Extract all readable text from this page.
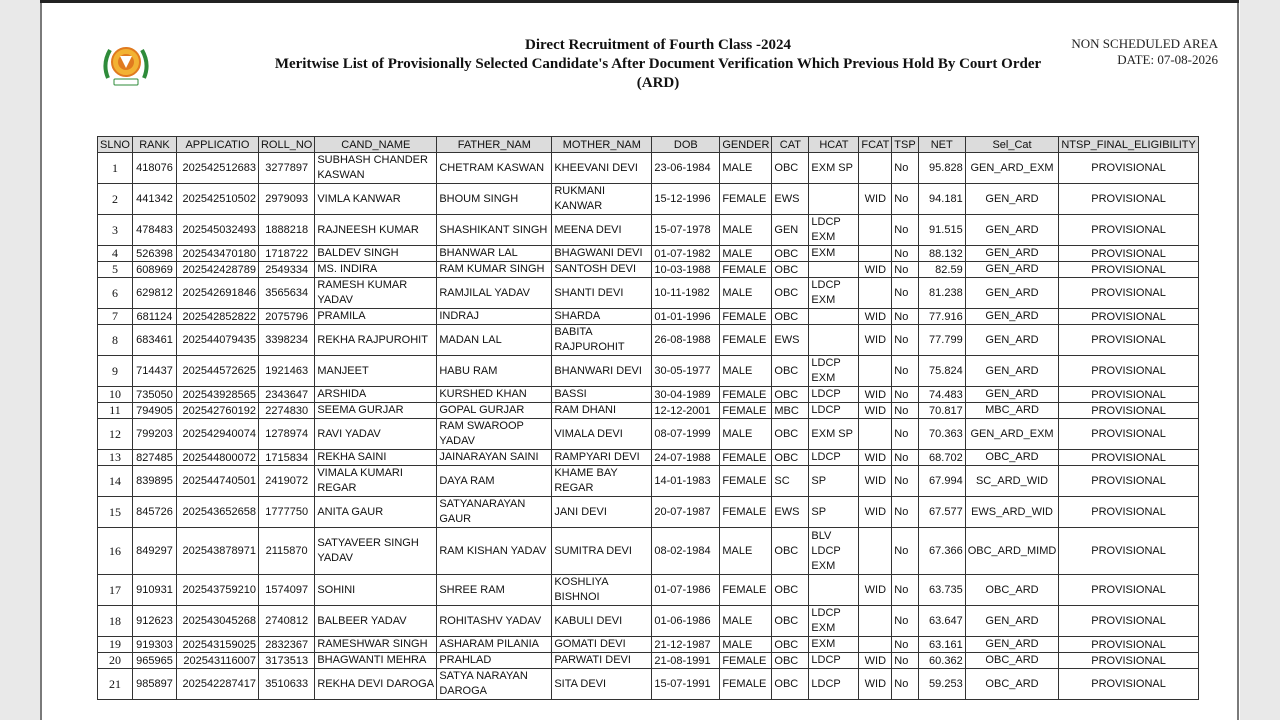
Direct Recruitment of Fourth Class -2024
Meritwise List of Provisionally Selected Candidate's After Document Verification Which Previous Hold By Court Order
(ARD)
NON SCHEDULED AREA
DATE: 07-08-2026
SLNO	RANK	APPLICATIO	ROLL_NO	CAND_NAME	FATHER_NAM	MOTHER_NAM	DOB	GENDER	CAT	HCAT	FCAT	TSP	NET	Sel_Cat	NTSP_FINAL_ELIGIBILITY
1	418076	202542512683	3277897	SUBHASH CHANDER KASWAN	CHETRAM KASWAN	KHEEVANI DEVI	23-06-1984	MALE	OBC	EXM SP		No	95.828	GEN_ARD_EXM	PROVISIONAL
2	441342	202542510502	2979093	VIMLA KANWAR	BHOUM SINGH	RUKMANI KANWAR	15-12-1996	FEMALE	EWS		WID	No	94.181	GEN_ARD	PROVISIONAL
3	478483	202545032493	1888218	RAJNEESH KUMAR	SHASHIKANT SINGH	MEENA DEVI	15-07-1978	MALE	GEN	LDCP EXM		No	91.515	GEN_ARD	PROVISIONAL
4	526398	202543470180	1718722	BALDEV SINGH	BHANWAR LAL	BHAGWANI DEVI	01-07-1982	MALE	OBC	EXM		No	88.132	GEN_ARD	PROVISIONAL
5	608969	202542428789	2549334	MS. INDIRA	RAM KUMAR SINGH	SANTOSH DEVI	10-03-1988	FEMALE	OBC		WID	No	82.59	GEN_ARD	PROVISIONAL
6	629812	202542691846	3565634	RAMESH KUMAR YADAV	RAMJILAL YADAV	SHANTI DEVI	10-11-1982	MALE	OBC	LDCP EXM		No	81.238	GEN_ARD	PROVISIONAL
7	681124	202542852822	2075796	PRAMILA	INDRAJ	SHARDA	01-01-1996	FEMALE	OBC		WID	No	77.916	GEN_ARD	PROVISIONAL
8	683461	202544079435	3398234	REKHA RAJPUROHIT	MADAN LAL	BABITA RAJPUROHIT	26-08-1988	FEMALE	EWS		WID	No	77.799	GEN_ARD	PROVISIONAL
9	714437	202544572625	1921463	MANJEET	HABU RAM	BHANWARI DEVI	30-05-1977	MALE	OBC	LDCP EXM		No	75.824	GEN_ARD	PROVISIONAL
10	735050	202543928565	2343647	ARSHIDA	KURSHED KHAN	BASSI	30-04-1989	FEMALE	OBC	LDCP	WID	No	74.483	GEN_ARD	PROVISIONAL
11	794905	202542760192	2274830	SEEMA GURJAR	GOPAL GURJAR	RAM DHANI	12-12-2001	FEMALE	MBC	LDCP	WID	No	70.817	MBC_ARD	PROVISIONAL
12	799203	202542940074	1278974	RAVI YADAV	RAM SWAROOP YADAV	VIMALA DEVI	08-07-1999	MALE	OBC	EXM SP		No	70.363	GEN_ARD_EXM	PROVISIONAL
13	827485	202544800072	1715834	REKHA SAINI	JAINARAYAN SAINI	RAMPYARI DEVI	24-07-1988	FEMALE	OBC	LDCP	WID	No	68.702	OBC_ARD	PROVISIONAL
14	839895	202544740501	2419072	VIMALA KUMARI REGAR	DAYA RAM	KHAME BAY REGAR	14-01-1983	FEMALE	SC	SP	WID	No	67.994	SC_ARD_WID	PROVISIONAL
15	845726	202543652658	1777750	ANITA GAUR	SATYANARAYAN GAUR	JANI DEVI	20-07-1987	FEMALE	EWS	SP	WID	No	67.577	EWS_ARD_WID	PROVISIONAL
16	849297	202543878971	2115870	SATYAVEER SINGH YADAV	RAM KISHAN YADAV	SUMITRA DEVI	08-02-1984	MALE	OBC	BLV LDCP EXM		No	67.366	OBC_ARD_MIMD	PROVISIONAL
17	910931	202543759210	1574097	SOHINI	SHREE RAM	KOSHLIYA BISHNOI	01-07-1986	FEMALE	OBC		WID	No	63.735	OBC_ARD	PROVISIONAL
18	912623	202543045268	2740812	BALBEER YADAV	ROHITASHV YADAV	KABULI DEVI	01-06-1986	MALE	OBC	LDCP EXM		No	63.647	GEN_ARD	PROVISIONAL
19	919303	202543159025	2832367	RAMESHWAR SINGH	ASHARAM PILANIA	GOMATI DEVI	21-12-1987	MALE	OBC	EXM		No	63.161	GEN_ARD	PROVISIONAL
20	965965	202543116007	3173513	BHAGWANTI MEHRA	PRAHLAD	PARWATI DEVI	21-08-1991	FEMALE	OBC	LDCP	WID	No	60.362	OBC_ARD	PROVISIONAL
21	985897	202542287417	3510633	REKHA DEVI DAROGA	SATYA NARAYAN DAROGA	SITA DEVI	15-07-1991	FEMALE	OBC	LDCP	WID	No	59.253	OBC_ARD	PROVISIONAL
